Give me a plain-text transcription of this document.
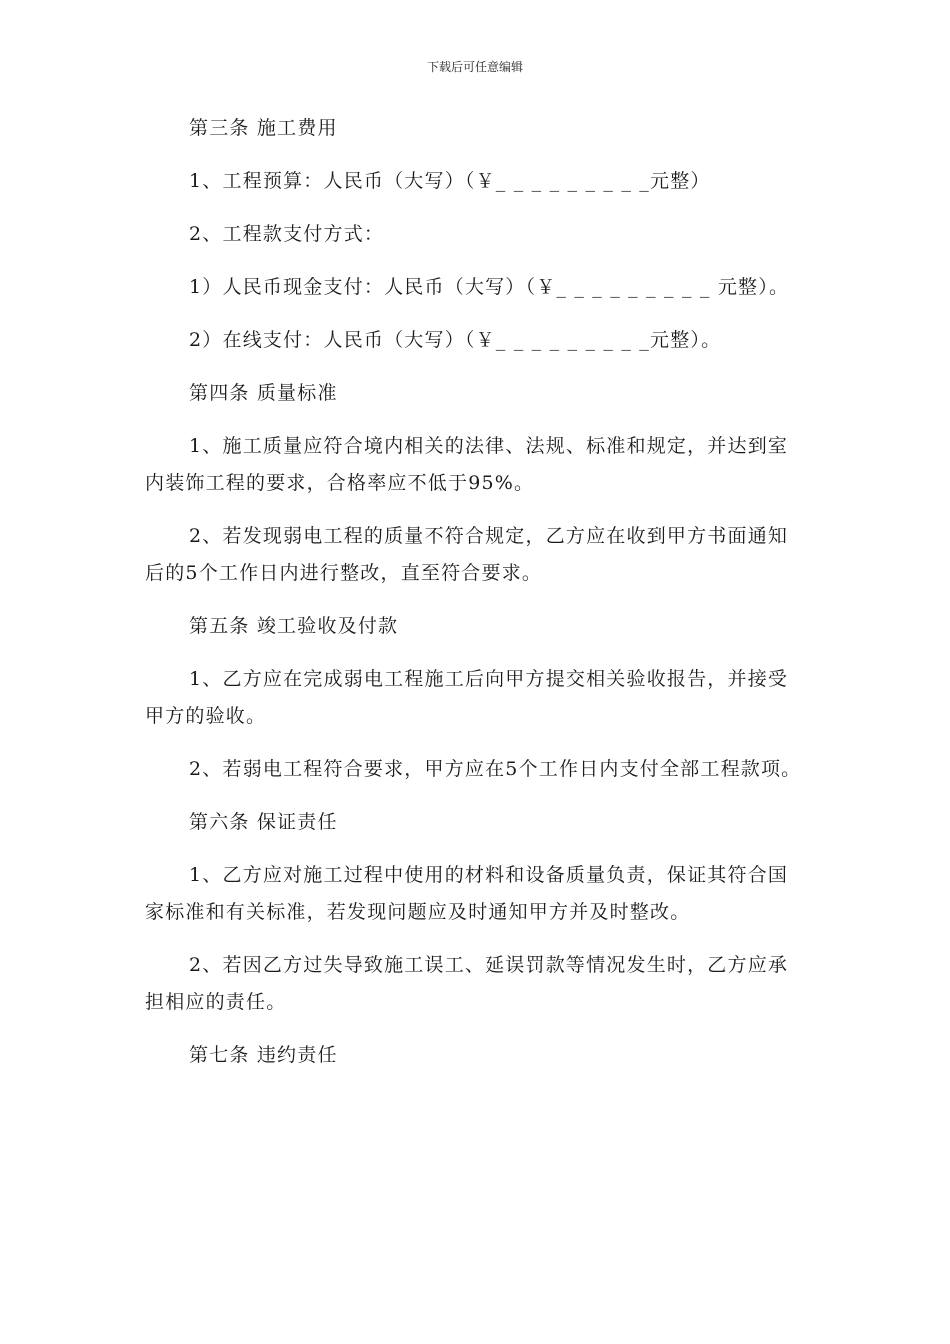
下载后可任意编辑

第三条 施工费用

1、工程预算：人民币（大写）（￥_ _ _ _ _ _ _ _ _元整）

2、工程款支付方式：

1）人民币现金支付：人民币（大写）（￥_ _ _ _ _ _ _ _ _ 元整）。

2）在线支付：人民币（大写）（￥_ _ _ _ _ _ _ _ _元整）。

第四条 质量标准

1、施工质量应符合境内相关的法律、法规、标准和规定，并达到室内装饰工程的要求，合格率应不低于95%。

2、若发现弱电工程的质量不符合规定，乙方应在收到甲方书面通知后的5个工作日内进行整改，直至符合要求。

第五条 竣工验收及付款

1、乙方应在完成弱电工程施工后向甲方提交相关验收报告，并接受甲方的验收。

2、若弱电工程符合要求，甲方应在5个工作日内支付全部工程款项。

第六条 保证责任

1、乙方应对施工过程中使用的材料和设备质量负责，保证其符合国家标准和有关标准，若发现问题应及时通知甲方并及时整改。

2、若因乙方过失导致施工误工、延误罚款等情况发生时，乙方应承担相应的责任。

第七条 违约责任
